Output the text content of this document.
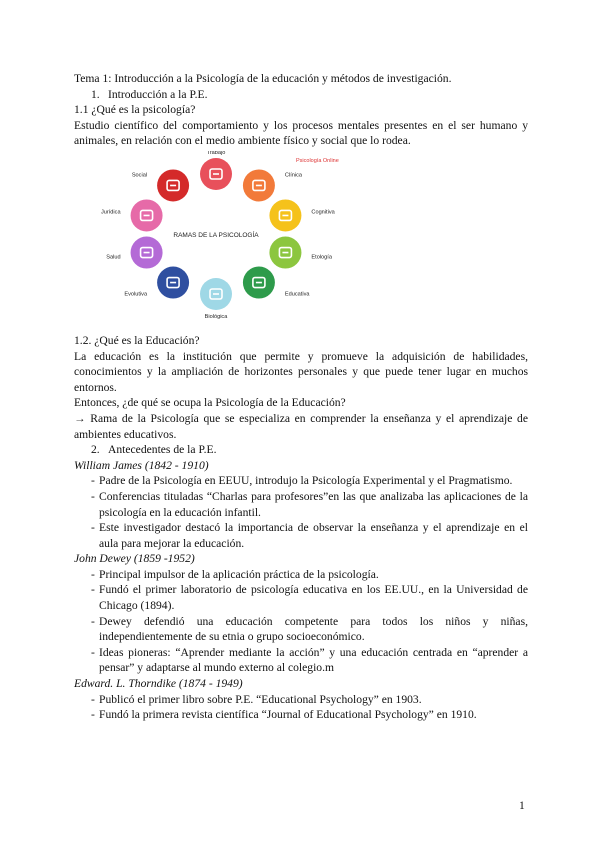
Tema 1: Introducción a la Psicología de la educación y métodos de investigación.
1. Introducción a la P.E.
1.1 ¿Qué es la psicología?
Estudio científico del comportamiento y los procesos mentales presentes en el ser humano y animales, en relación con el medio ambiente físico y social que lo rodea.
RAMAS DE LA PSICOLOGÍA
Psicología Online
Trabajo
Clínica
Cognitiva
Etología
Educativa
Biológica
Evolutiva
Salud
Jurídica
Social
1.2. ¿Qué es la Educación?
La educación es la institución que permite y promueve la adquisición de habilidades, conocimientos y la ampliación de horizontes personales y que puede tener lugar en muchos entornos.
Entonces, ¿de qué se ocupa la Psicología de la Educación?
→ Rama de la Psicología que se especializa en comprender la enseñanza y el aprendizaje de ambientes educativos.
2. Antecedentes de la P.E.
William James (1842 - 1910)
- Padre de la Psicología en EEUU, introdujo la Psicología Experimental y el Pragmatismo.
- Conferencias tituladas “Charlas para profesores”en las que analizaba las aplicaciones de la psicología en la educación infantil.
- Este investigador destacó la importancia de observar la enseñanza y el aprendizaje en el aula para mejorar la educación.
John Dewey (1859 -1952)
- Principal impulsor de la aplicación práctica de la psicología.
- Fundó el primer laboratorio de psicología educativa en los EE.UU., en la Universidad de Chicago (1894).
- Dewey defendió una educación competente para todos los niños y niñas, independientemente de su etnia o grupo socioeconómico.
- Ideas pioneras: “Aprender mediante la acción” y una educación centrada en “aprender a pensar” y adaptarse al mundo externo al colegio.m
Edward. L. Thorndike (1874 - 1949)
- Publicó el primer libro sobre P.E. “Educational Psychology” en 1903.
- Fundó la primera revista científica “Journal of Educational Psychology” en 1910.
1
